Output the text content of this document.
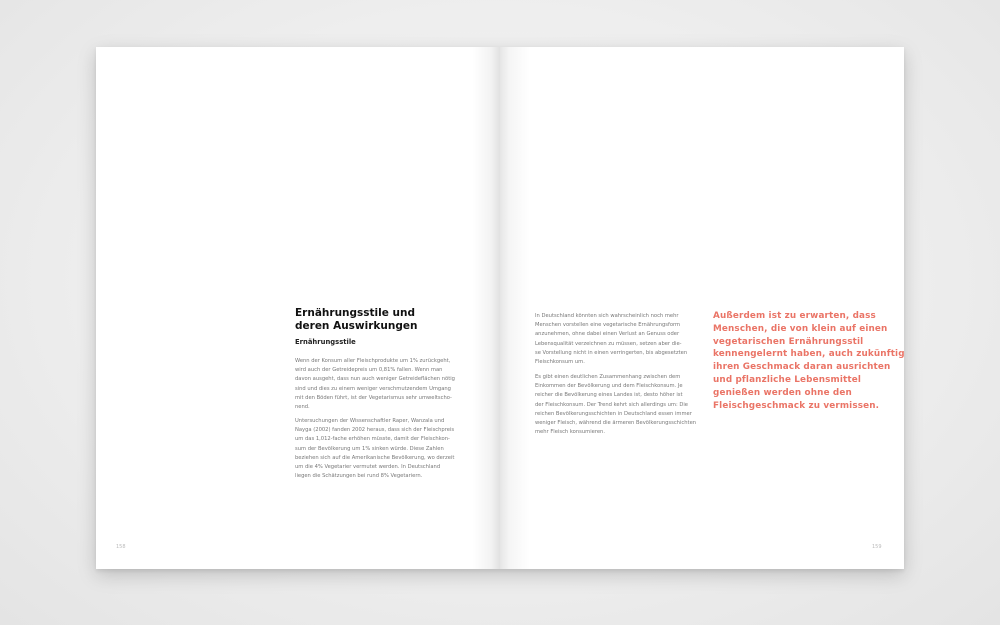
Ernährungsstile und
deren Auswirkungen
Ernährungsstile

Wenn der Konsum aller Fleischprodukte um 1% zurückgeht,
wird auch der Getreidepreis um 0,81% fallen. Wenn man
davon ausgeht, dass nun auch weniger Getreideflächen nötig
sind und dies zu einem weniger verschmutzendem Umgang
mit den Böden führt, ist der Vegetarismus sehr umweltscho-
nend.

Untersuchungen der Wissenschaftler Raper, Wanzala und
Nayga (2002) fanden 2002 heraus, dass sich der Fleischpreis
um das 1,012-fache erhöhen müsste, damit der Fleischkon-
sum der Bevölkerung um 1% sinken würde. Diese Zahlen
beziehen sich auf die Amerikanische Bevölkerung, wo derzeit
um die 4% Vegetarier vermutet werden. In Deutschland
liegen die Schätzungen bei rund 8% Vegetariern.

158

In Deutschland könnten sich wahrscheinlich noch mehr
Menschen vorstellen eine vegetarische Ernährungsform
anzunehmen, ohne dabei einen Verlust an Genuss oder
Lebensqualität verzeichnen zu müssen, setzen aber die-
se Vorstellung nicht in einen verringerten, bis abgesetzten
Fleischkonsum um.

Es gibt einen deutlichen Zusammenhang zwischen dem
Einkommen der Bevölkerung und dem Fleischkonsum. Je
reicher die Bevölkerung eines Landes ist, desto höher ist
der Fleischkonsum. Der Trend kehrt sich allerdings um: Die
reichen Bevölkerungsschichten in Deutschland essen immer
weniger Fleisch, während die ärmeren Bevölkerungsschichten
mehr Fleisch konsumieren.

Außerdem ist zu erwarten, dass
Menschen, die von klein auf einen
vegetarischen Ernährungsstil
kennengelernt haben, auch zukünftig
ihren Geschmack daran ausrichten
und pflanzliche Lebensmittel
genießen werden ohne den
Fleischgeschmack zu vermissen.
159
